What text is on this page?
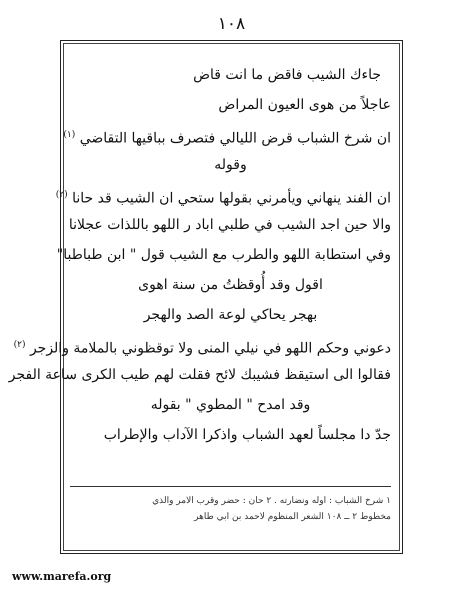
١٠٨
جاءك الشيب فاقض ما انت قاض
عاجلاً من هوى العيون المراض
ان شرخ الشباب قرض الليالي فتصرف بباقيها التقاضي $^{(١)}$
وقوله
ان الفند ينهاني ويأمرني بقولها ستحي ان الشيب قد حانا $^{(٢)}$
والا حين اجد الشيب في طلبي اباد ر اللهو باللذات عجلانا
وفي استطابة اللهو والطرب مع الشيب قول " ابن طباطبا"
اقول وقد أُوقظتُ من سنة اهوى
بهجر يحاكي لوعة الصد والهجر
دعوني وحكم اللهو في نيلي المنى ولا توقظوني بالملامة والزجر $^{(٢)}$
فقالوا الى استيقظ فشيبك لائح فقلت لهم طيب الكرى ساعة الفجر
وقد امدح " المطوي " بقوله
جدّ دا مجلساً لعهد الشباب واذكرا الآداب والإطراب
١ شرخ الشباب : اوله ونضارته . ٢ حان : حضر وقرب الامر والذي
مخطوط ٢ ــ ١٠٨ الشعر المنظوم لاحمد بن ابي طاهر
www.marefa.org
